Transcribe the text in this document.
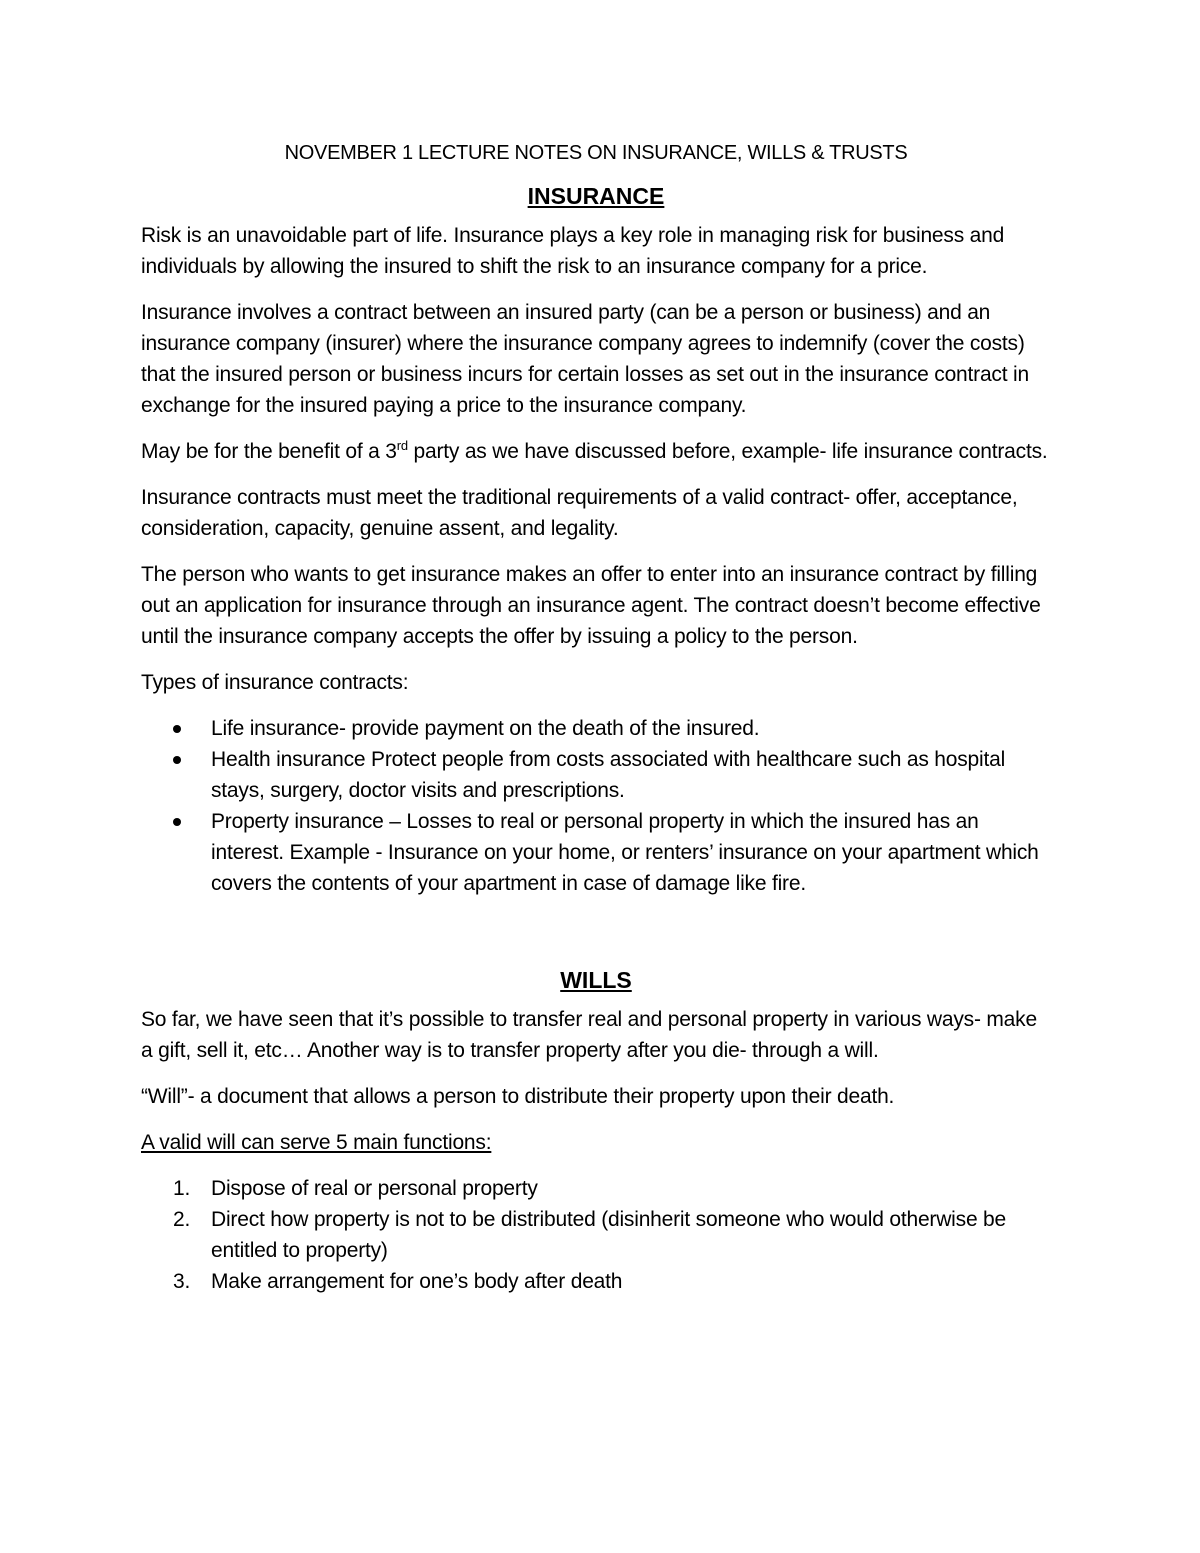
NOVEMBER 1 LECTURE NOTES ON INSURANCE, WILLS & TRUSTS
INSURANCE

Risk is an unavoidable part of life. Insurance plays a key role in managing risk for business and individuals by allowing the insured to shift the risk to an insurance company for a price.

Insurance involves a contract between an insured party (can be a person or business) and an insurance company (insurer) where the insurance company agrees to indemnify (cover the costs) that the insured person or business incurs for certain losses as set out in the insurance contract in exchange for the insured paying a price to the insurance company.

May be for the benefit of a 3rd party as we have discussed before, example- life insurance contracts.

Insurance contracts must meet the traditional requirements of a valid contract- offer, acceptance, consideration, capacity, genuine assent, and legality.

The person who wants to get insurance makes an offer to enter into an insurance contract by filling out an application for insurance through an insurance agent. The contract doesn’t become effective until the insurance company accepts the offer by issuing a policy to the person.

Types of insurance contracts:

Life insurance- provide payment on the death of the insured.
Health insurance Protect people from costs associated with healthcare such as hospital stays, surgery, doctor visits and prescriptions.
Property insurance – Losses to real or personal property in which the insured has an interest. Example - Insurance on your home, or renters’ insurance on your apartment which covers the contents of your apartment in case of damage like fire.
WILLS

So far, we have seen that it’s possible to transfer real and personal property in various ways- make a gift, sell it, etc… Another way is to transfer property after you die- through a will.

“Will”- a document that allows a person to distribute their property upon their death.

A valid will can serve 5 main functions:

1. Dispose of real or personal property
2. Direct how property is not to be distributed (disinherit someone who would otherwise be entitled to property)
3. Make arrangement for one’s body after death
